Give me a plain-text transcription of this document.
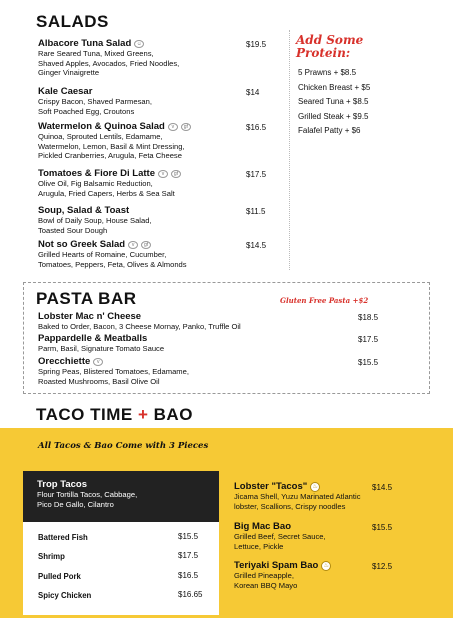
SALADS
Albacore Tuna Salad	☺
Rare Seared Tuna, Mixed Greens,
Shaved Apples, Avocados, Fried Noodles,
Ginger Vinaigrette
$19.5
Kale Caesar
Crispy Bacon, Shaved Parmesan,
Soft Poached Egg, Croutons
$14
Watermelon & Quinoa Salad	v	gf
Quinoa, Sprouted Lentils, Edamame,
Watermelon, Lemon, Basil & Mint Dressing,
Pickled Cranberries, Arugula, Feta Cheese
$16.5
Tomatoes & Fiore Di Latte	v	gf
Olive Oil, Fig Balsamic Reduction,
Arugula, Fried Capers, Herbs & Sea Salt
$17.5
Soup, Salad & Toast
Bowl of Daily Soup, House Salad,
Toasted Sour Dough
$11.5
Not so Greek Salad	v	gf
Grilled Hearts of Romaine, Cucumber,
Tomatoes, Peppers, Feta, Olives & Almonds
$14.5
Add Some
Protein:
5 Prawns + $8.5
Chicken Breast + $5
Seared Tuna + $8.5
Grilled Steak + $9.5
Falafel Patty + $6
PASTA BAR	Gluten Free Pasta +$2
Lobster Mac n' Cheese
Baked to Order, Bacon, 3 Cheese Mornay, Panko, Truffle Oil
$18.5
Pappardelle & Meatballs
Parm, Basil, Signature Tomato Sauce
$17.5
Orecchiette	v
Spring Peas, Blistered Tomatoes, Edamame,
Roasted Mushrooms, Basil Olive Oil
$15.5
TACO TIME + BAO
All Tacos & Bao Come with 3 Pieces
Trop Tacos
Flour Tortilla Tacos, Cabbage,
Pico De Gallo, Cilantro
Battered Fish	$15.5
Shrimp	$17.5
Pulled Pork	$16.5
Spicy Chicken	$16.65
Lobster "Tacos" ♨
Jicama Shell, Yuzu Marinated Atlantic
lobster, Scallions, Crispy noodles
$14.5
Big Mac Bao
Grilled Beef, Secret Sauce,
Lettuce, Pickle
$15.5
Teriyaki Spam Bao ♨
Grilled Pineapple,
Korean BBQ Mayo
$12.5
